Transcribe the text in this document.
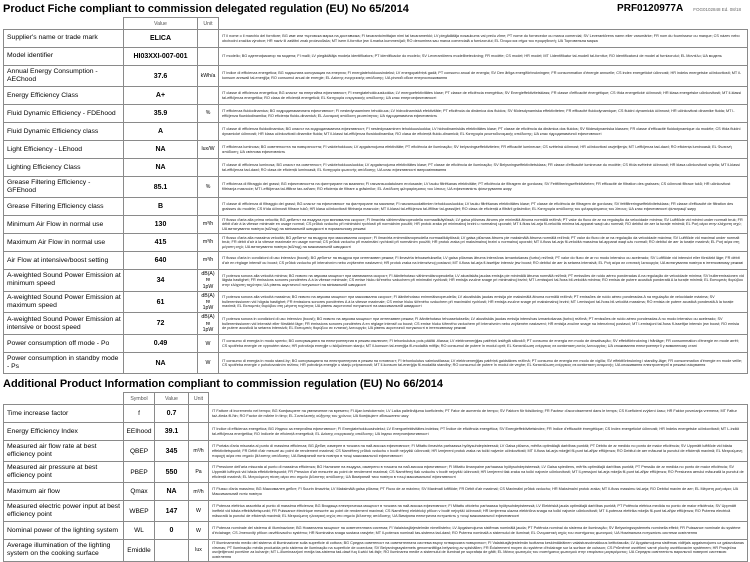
Product Fiche compliant to commission delegated regulation (EU) No 65/2014	PRF0120977A FOG0102848 Ed. 08/18
	Value	Unit	
Supplier's name or trade mark	ELICA		IT il nome o il marchio del fornitore; BG име или търговска марка на доставчика; FI tavarantoimittajan nimi tai tavaramerkki; LV piegādātāja nosaukums vai preču zīme; PT nome do fornecedor ou marca comercial; SV Leverantörens namn eller varumärke; FR nom du fournisseur ou marque; CS název nebo obchodní značka výrobce; HR naziv ili zaštitni znak proizvođača; MT isem il-fornitur jew il-marka kummerċjali; RO denumirea sau marca comercială a furnizorului; EL Όνομα και σήμα του προμηθευτή; UA Торговельна марка
Model identifier	HI03XXI-007-001		IT modello; BG идентификатор на модела; FI malli; LV piegādātāja modeļa identifikators; PT identificador do modelo; SV Leverantörens modellbeteckning; FR modèle; CS model; HR model; MT l-identifikatur tal-mudell tal-fornitur; RO identificatorul de model al furnizorului; EL Μοντέλο; UA модель
Annual Energy Consumption - AEChood	37.6	kWh/a	IT indice di efficienza energetica; BG годишната консумация на енергия; FI energiatehokkuusindeksi; LV energopatēriņš gadā; PT consumo anual de energia; SV Den årliga energiförbrukningen; FR consommation d'énergie annuelle; CS index energetické účinnosti; HR indeks energetske učinkovitosti; MT il-konsum annwali tal-enerġija; RO consumul anual de energie; EL Δείκτης ενεργειακής απόδοσης; UA річний обсяг енергоспоживання
Energy Efficiency Class	A+		IT classe di efficienza energetica; BG класът на енергийна ефективност; FI energiatehokkuusluokka; LV energoefektivitātes klase; PT classe de eficiência energética; SV Energieffektivitetsklass; FR classe d'efficacité énergétique; CS třída energetické účinnosti; HR klasa energetske učinkovitosti; MT il-klassi tal-effiċjenza energetika; RO clasa de eficiență energetică; EL Κατηγορία ενεργειακής απόδοσης; UA клас енергоефективності
Fluid Dynamic Efficiency - FDEhood	35.9	%	IT efficienza fluidodinamica; BG хидродинамичната ефективност; FI nestedynaaminen tehokkuus; LV hidrodinamiskā efektivitāte; PT eficiência da dinâmica dos fluidos; SV flödesdynamiska effektiviteten; FR efficacité fluidodynamique; CS fluidní dynamická účinnost; HR učinkovitost dinamike fluida; MT l-effiċjenza fluwidodinamika; RO eficiența fluido-dinamică; EL Δυναμική απόδοση ρευστότητας; UA гідродинамічна ефективність
Fluid Dynamic Efficiency class	A		IT classe di efficienza fluidodinamica; BG класът на хидродинамична ефективност; FI nestedynaaminen tehokkuusluokka; LV hidrodinamiskās efektivitātes klase; PT classe de eficiência da dinâmica dos fluidos; SV flödesdynamiska klassen; FR classe d'efficacité fluidodynamique du modèle; CS třída fluidní dynamické účinnosti; HR klasa učinkovitosti dinamike fluida; MT il-klassi tal-effiċjenza fluwidodinamika; RO clasa de eficiență fluido-dinamică; EL Κατηγορία ρευστοδυναμικής απόδοσης; UA клас гідродинамічної ефективності
Light Efficiency - LEhood	NA	lux/W	IT efficienza luminosa; BG осветеността на повърхността; FI valotehokkuus; LV apgaismojuma efektivitāte; PT eficiência de iluminação; SV belysningseffektiviteten; FR efficacité lumineuse; CS světelná účinnost; HR učinkovitost osvjetljenja; MT l-effiċjenza tad-dawl; RO eficiența luminoasă; EL Φωτεινή απόδοση; UA світлова ефективність
Lighting Efficiency Class	NA		IT classe di efficienza luminosa; BG класът на осветеност; FI valotehokkuusluokka; LV apgaismojuma efektivitātes klase; PT classe de eficiência de iluminação; SV Belysningseffektivitetsklass; FR classe d'efficacité lumineuse du modèle; CS třída světelné účinnosti; HR klasa učinkovitosti svjetla; MT il-klassi tal-effiċjenza tad-dawl; RO clasa de eficiență luminoasă; EL Κατηγορία φωτεινής απόδοσης; UA клас ефективності випромінювання
Grease Filtering Efficiency - GFEhood	85.1	%	IT efficienza di filtraggio dei grassi; BG ефективността на филтриране на мазнини; FI rasvansuodatuksen erotusaste; LV tauku filtrēšanas efektivitāte; PT eficiência de filtragem de gorduras; SV Fettfiltreringseffektiviteten; FR efficacité de filtration des graisses; CS účinnost filtrace tuků; HR učinkovitost filtriranja masnoće; MT l-effiċjenza tal-iffiltrar tax-xaħam; RO eficiența de filtrare a grăsimilor; EL Απόδοση φιλτραρίσματος του λίπους; UA ефективність фільтрування жиру
Grease Filtering Efficiency class	B		IT classe di efficienza di filtraggio dei grassi; BG класът на ефективност на филтриране на мазнини; FI rasvansuodattimien tehokkuusluokka; LV tauku filtrēšanas efektivitātes klase; PT classe de eficiência de filtragem de gorduras; SV fettfiltreringseffektivitetsklass; FR classe d'efficacité de filtration des graisses du modèle; CS třída účinnosti filtrace tuků; HR klasa učinkovitosti filtriranja masnoće; MT il-klassi tal-effiċjenza tal-iffiltrar tal-grassijiet; RO clasa de eficiență a filtrării grăsimilor; EL Κατηγορία απόδοσης του φιλτραρίσματος του λίπους; UA клас ефективності фільтрації жиру
Minimum Air Flow in normal use	130	m³/h	IT flusso d'aria alla prima velocità; BG дебитът на въздуха при минимална скорост; FI ilmavirta vähimmäisnopeudella normaalikäytössä; LV gaisa plūsmas ātrums pie minimālā ātruma normālā režīmā; PT valor do fluxo de ar na regulação da velocidade mínima; SV Luftflöde vid minimi under normalt bruk; FR débit d'air à la vitesse minimale en usage normal; CS průtok vzduchu při minimální rychlosti při normálním použití; HR protok zraka pri minimalnoj brzini u normalnoj uporabi; MT il-fluss tal-arja fil-veloċità minima tal-apparat waqt użu normali; RO debitul de aer la turație minimă; EL Ροή αέρα στην ελάχιστη ισχύ; UA витягування повітря (м3/год) на мінімальній швидкості в нормальному режимі
Maximum Air Flow in normal use	415	m³/h	IT flusso d'aria alla massima velocità; BG дебитът на въздуха при максимална скорост; FI ilmavirta enimmäisnopeudella normaalikäytössä; LV gaisa plūsmas ātrums pie maksimālā ātruma normālā režīmā; PT valor do fluxo de ar na regulação da velocidade máxima; SV Luftflöde vid maximal under normalt bruk; FR débit d'air à la vitesse maximale en usage normal; CS průtok vzduchu při maximální rychlosti při normálním použití; HR protok zraka pri maksimalnoj brzini u normalnoj uporabi; MT il-fluss tal-arja fil-veloċità massima tal-apparat waqt użu normali; RO debitul de aer la turație maximă; EL Ροή αέρα στη μέγιστη ισχύ; UA витягування повітря (м3/год) на максимальній швидкості
Air Flow at intensive/boost setting	640	m³/h	IT flusso d'aria in condizioni di uso intensivo (boost); BG дебитът на въздуха при интензивен режим; FI ilmavirta tehoasetuksella; LV gaisa plūsmas ātrums intensīvas izmantošanas (turbo) režīmā; PT valor do fluxo de ar no modo intensivo ou acelerado; SV Luftflöde vid intensivt eller förstärkt läge; FR débit d'air en réglage intensif ou boost; CS průtok vzduchu při intenzivním nebo zvýšeném nastavení; HR protok zraka na intenzivnoj postavci; MT il-fluss tal-arja fl-issettjar intensiv jew boost; RO debitul de aer la setarea intensivă; EL Ροή αέρα σε εντατική λειτουργία; UA витягування повітря в інтенсивному режимі
A-weighted Sound Power Emission at minimum speed	34	dB(A) re 1pW	IT potenza sonora alla velocità minima; BG нивото на звукова мощност при минимална скорост; FI äänitehotaso vähimmäisnopeudella; LV akustiskās jaudas emisija pie minimālā ātruma normālā režīmā; PT emissões de ruído aéreo ponderadas A na regulação de velocidade mínima; SV bulleremissionen vid lägsta hastighet; FR émissions sonores pondérées A à la vitesse minimale; CS emise hluku šířeného vzduchem při minimální rychlosti; HR emisija zvučne snage pri minimalnoj brzini; MT l-emissjoni tal-ħoss bil-veloċità minima; RO emisia de putere acustică ponderată A la turație minimă; EL Εκπομπές θορύβου στην ελάχιστη ταχύτητα; UA рівень акустичної потужності на мінімальній швидкості
A-weighted Sound Power Emission at maximum speed	61	dB(A) re 1pW	IT potenza sonora alla velocità massima; BG нивото на звукова мощност при максимална скорост; FI äänitehotaso enimmäisnopeudella; LV akustiskās jaudas emisija pie maksimālā ātruma normālā režīmā; PT emissões de ruído aéreo ponderadas A na regulação de velocidade máxima; SV bulleremissionen vid högsta hastighet; FR émissions sonores pondérées A à la vitesse maximale; CS emise hluku šířeného vzduchem při maximální rychlosti; HR emisija zvučne snage pri maksimalnoj brzini; MT l-emissjoni tal-ħoss bil-veloċità massima; RO emisia de putere acustică ponderată A la turație maximă; EL Εκπομπές θορύβου στη μέγιστη ταχύτητα; UA рівень акустичної потужності на максимальній швидкості
A-weighted Sound Power Emission at intensive or boost speed	72	dB(A) re 1pW	IT potenza sonora in condizioni di uso intensivo (boost); BG нивото на звукова мощност при интензивен режим; FI äänitehotaso tehoasetuksella; LV akustiskās jaudas emisija intensīvas izmantošanas (turbo) režīmā; PT emissões de ruído aéreo ponderadas A no modo intensivo ou acelerado; SV bulleremissionen vid intensivt eller förstärkt läge; FR émissions sonores pondérées A en réglage intensif ou boost; CS emise hluku šířeného vzduchem při intenzivním nebo zvýšeném nastavení; HR emisija zvučne snage na intenzivnoj postavci; MT l-emissjoni tal-ħoss fl-issettjar intensiv jew boost; RO emisia de putere acustică la setarea intensivă; EL Εκπομπές θορύβου σε εντατική λειτουργία; UA рівень акустичної потужності в інтенсивному режимі
Power consumption off mode - Po	0.49	W	IT consumo di energia in modo spento; BG консумацията на електроенергия в режим изключен; FI tehonkulutus pois päältä -tilassa; LV elektroenerģijas patēriņš izslēgtā stāvoklī; PT consumo de energia em modo de desativação; SV effektförbrukning i frånläge; FR consommation d'énergie en mode arrêt; CS spotřeba energie ve vypnutém stavu; HR potrošnja energije u isključenom stanju; MT il-konsum tal-enerġija fil-modalità mitfija; RO consumul de putere în modul oprit; EL Κατανάλωση ενέργειας σε κατάσταση εκτός λειτουργίας; UA споживання електроенергії у вимкненому стані
Power consumption in standby mode - Ps	NA	W	IT consumo di energia in modo stand-by; BG консумацията на електроенергия в режим на готовност; FI tehonkulutus valmiustilassa; LV elektroenerģijas patēriņš gaidstāves režīmā; PT consumo de energia em modo de vigília; SV effektförbrukning i standby-läge; FR consommation d'énergie en mode veille; CS spotřeba energie v pohotovostním režimu; HR potrošnja energije u stanju pripravnosti; MT il-konsum tal-enerġija fil-modalità standby; RO consumul de putere în modul de veghe; EL Κατανάλωση ενέργειας σε κατάσταση αναμονής; UA споживання електроенергії в режимі очікування
Additional Product Information compliant to commission regulation (EU) No 66/2014
	Symbol	Value	Unit	
Time increase factor	f	0.7		IT Fattore di incremento nel tempo; BG Коефициент на увеличение на времето; FI Ajan kestokerroin; LV Laika palielinājuma koeficients; PT Fator de aumento de tempo; SV Faktorn för tidsökning; FR Facteur d'accroissement dans le temps; CS Koeficient zvýšení času; HR Faktor povećanja vremena; MT Fattur taż-żieda fil-ħin; RO Factor de mărire în timp; EL Συντελεστής αύξησης του χρόνου; UA Коефіцієнт збільшення часу
Energy Efficiency Index	EEIhood	39.1		IT Indice di efficienza energetica; BG Индекс за енергийна ефективност; FI Energiatehokkuusindeksi; LV Energoefektivitātes indekss; PT Índice de eficiência energética; SV Energieffektivitetsindex; FR Indice d'efficacité énergétique; CS Index energetické účinnosti; HR Indeks energetske učinkovitosti; MT L-indiċi tal-effiċjenza enerġetika; RO Indicele de eficiență energetică; EL Δείκτης ενεργειακής απόδοσης; UA Індекс енергоефективності
Measured air flow rate at best efficiency point	QBEP	345	m³/h	IT Portata d'aria misurata al punto di massima efficienza; BG Дебит, измерен в точката на най-висока ефективност; FI Mitattu ilmavirta parhaassa hyötysuhdepisteessä; LV Gaisa plūsma, mērīta optimālajā darbības punktā; PT Débito de ar medido no ponto de maior eficiência; SV Uppmätt luftflöde vid bästa effektivitetspunkt; FR Débit d'air mesuré au point de rendement maximal; CS Naměřený průtok vzduchu v bodě nejvyšší účinnosti; HR Izmjereni protok zraka na točki najveće učinkovitosti; MT Il-fluss tal-arja mkejjel fil-punt tal-aħjar effiċjenza; RO Debitul de aer măsurat la punctul de eficiență maximă; EL Μετρούμενη παροχή αέρα στο σημείο βέλτιστης απόδοσης; UA Виміряний потік повітря в точці максимальної ефективності
Measured air pressure at best efficiency point	PBEP	550	Pa	IT Pressione dell'aria misurata al punto di massima efficienza; BG Налягане на въздуха, измерено в точката на най-висока ефективност; FI Mitattu ilmanpaine parhaassa hyötysuhdepisteessä; LV Gaisa spiediens, mērīts optimālajā darbības punktā; PT Pressão de ar medida no ponto de maior eficiência; SV Uppmätt lufttryck vid bästa effektivitetspunkt; FR Pression d'air mesurée au point de rendement maximal; CS Naměřený tlak vzduchu v bodě nejvyšší účinnosti; HR Izmjereni tlak zraka na točki najveće učinkovitosti; MT Il-pressjoni tal-arja mkejla fil-punt tal-aħjar effiċjenza; RO Presiunea aerului măsurată la punctul de eficiență maximă; EL Μετρούμενη πίεση αέρα στο σημείο βέλτιστης απόδοσης; UA Виміряний тиск повітря в точці максимальної ефективності
Maximum air flow	Qmax	NA	m³/h	IT Flusso d'aria massimo; BG Максимален дебит; FI Suurin ilmavirta; LV Maksimālā gaisa plūsma; PT Fluxo de ar máximo; SV Maximalt luftflöde; FR Débit d'air maximal; CS Maximální průtok vzduchu; HR Maksimalni protok zraka; MT Il-fluss massimu tal-arja; RO Debitul maxim de aer; EL Μέγιστη ροή αέρα; UA Максимальний потік повітря
Measured electric power input at best efficiency point	WBEP	147	W	IT Potenza elettrica assorbita al punto di massima efficienza; BG Входяща електрическа мощност в точката на най-висока ефективност; FI Mitattu ottoteho parhaassa hyötysuhdepisteessä; LV Elektriskā jauda optimālajā darbības punktā; PT Potência elétrica medida no ponto de maior eficiência; SV Uppmätt ineffekt vid bästa effektivitetspunkt; FR Puissance électrique mesurée au point de rendement maximal; CS Naměřený elektrický příkon v bodě nejvyšší účinnosti; HR Izmjerena ulazna električna snaga na točki najveće učinkovitosti; MT Il-potenza elettrika mkejla fil-punt tal-aħjar effiċjenza; RO Puterea electrică măsurată la punctul de eficiență maximă; EL Μετρούμενη ηλεκτρική ισχύς στο σημείο βέλτιστης απόδοσης; UA Виміряна електрична потужність у точці максимальної ефективності
Nominal power of the lighting system	WL	0	W	IT Potenza nominale del sistema di illuminazione; BG Номинална мощност на осветителната система; FI Valaistusjärjestelmän nimellisteho; LV Apgaismojuma sistēmas nominālā jauda; PT Potência nominal do sistema de iluminação; SV Belysningssystemets nominella effekt; FR Puissance nominale du système d'éclairage; CS Jmenovitý příkon osvětlovacího systému; HR Nominalna snaga sustava rasvjete; MT Il-potenza nominali tas-sistema tad-dawl; RO Puterea nominală a sistemului de iluminat; EL Ονομαστική ισχύς του συστήματος φωτισμού; UA Номінальна потужність системи освітлення
Average illumination of the lighting system on the cooking surface	Emiddle		lux	IT Illuminamento medio del sistema di illuminazione sulla superficie di cottura; BG Средна осветеност на осветителната система върху готварската повърхност; FI Valaistusjärjestelmän tuottama keskimääräinen valaistusvoimakkuus keittotasolla; LV Apgaismojuma sistēmas vidējais apgaismojums uz gatavošanas virsmas; PT Iluminação média produzida pelo sistema de iluminação na superfície de cozedura; SV Belysningssystemets genomsnittliga belysning av spishällen; FR Éclairement moyen du système d'éclairage sur la surface de cuisson; CS Průměrné osvětlení varné plochy osvětlovacím systémem; HR Prosječna osvijetljenost površine za kuhanje; MT L-illuminazzjoni medja tas-sistema tad-dawl fuq il-wiċċ tat-tisjir; RO Iluminarea medie a sistemului de iluminat pe suprafața de gătit; EL Μέσος φωτισμός του συστήματος φωτισμού στην επιφάνεια μαγειρέματος; UA Середня освітленість варильної поверхні системою освітлення
